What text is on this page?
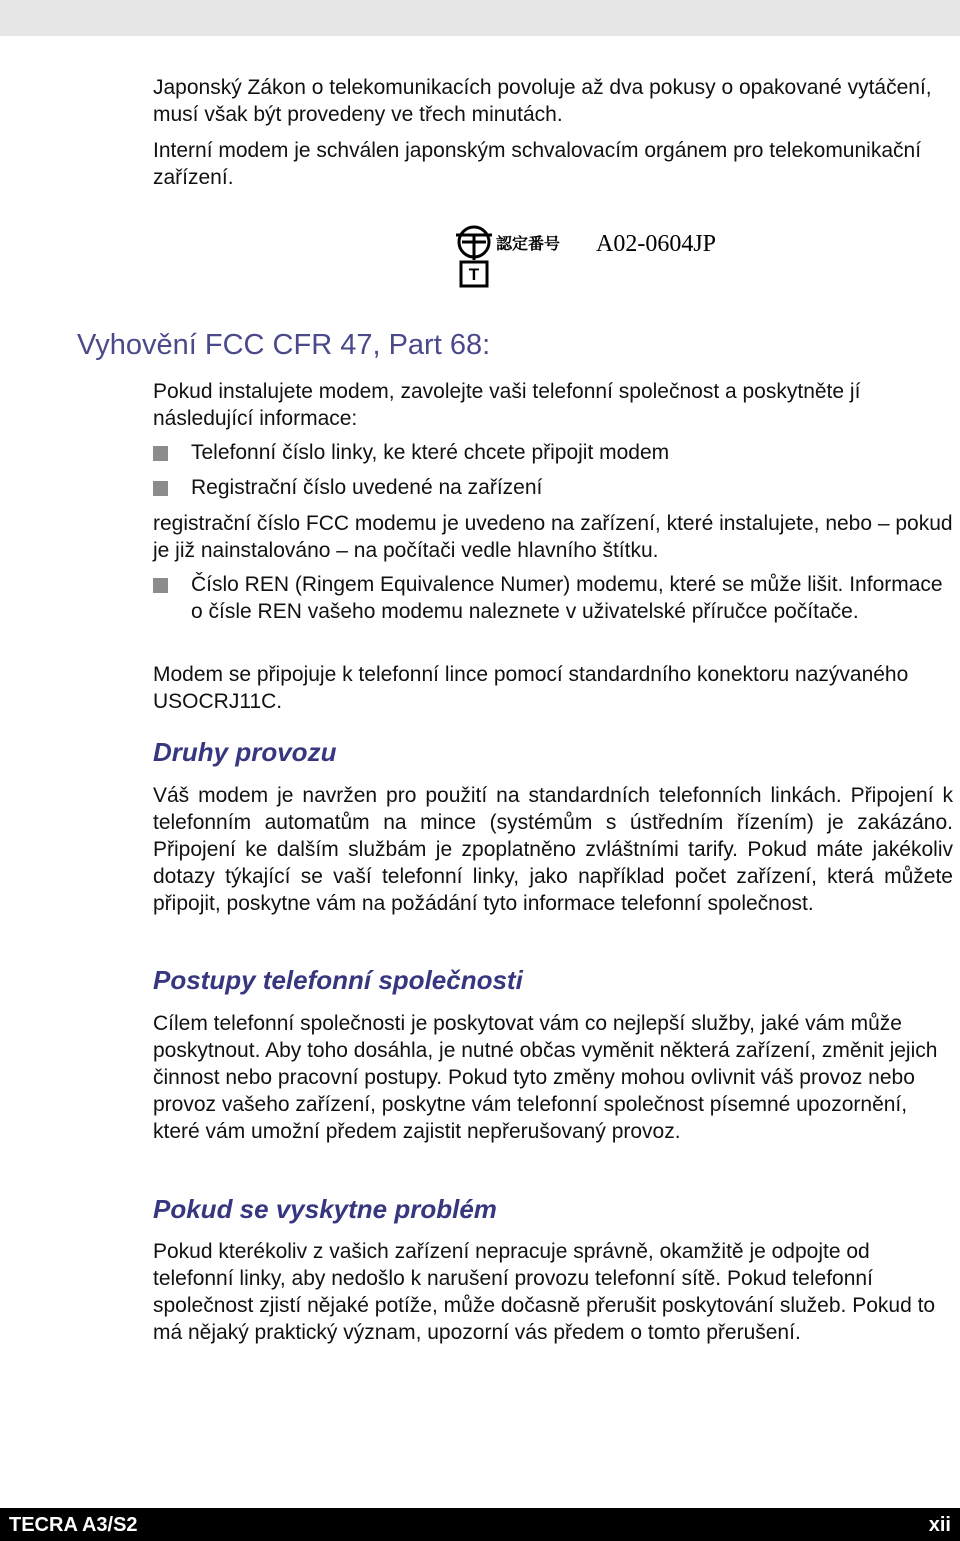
Japonský Zákon o telekomunikacích povoluje až dva pokusy o opakované vytáčení, musí však být provedeny ve třech minutách.

Interní modem je schválen japonským schvalovacím orgánem pro telekomunikační zařízení.

T
認定番号 A02-0604JP
Vyhovění FCC CFR 47, Part 68:

Pokud instalujete modem, zavolejte vaši telefonní společnost a poskytněte jí následující informace:

Telefonní číslo linky, ke které chcete připojit modem
Registrační číslo uvedené na zařízení

registrační číslo FCC modemu je uvedeno na zařízení, které instalujete, nebo – pokud je již nainstalováno – na počítači vedle hlavního štítku.

Číslo REN (Ringem Equivalence Numer) modemu, které se může lišit. Informace o čísle REN vašeho modemu naleznete v uživatelské příručce počítače.

Modem se připojuje k telefonní lince pomocí standardního konektoru nazývaného USOCRJ11C.

Druhy provozu

Váš modem je navržen pro použití na standardních telefonních linkách. Připojení k telefonním automatům na mince (systémům s ústředním řízením) je zakázáno. Připojení ke dalším službám je zpoplatněno zvláštními tarify. Pokud máte jakékoliv dotazy týkající se vaší telefonní linky, jako například počet zařízení, která můžete připojit, poskytne vám na požádání tyto informace telefonní společnost.

Postupy telefonní společnosti

Cílem telefonní společnosti je poskytovat vám co nejlepší služby, jaké vám může poskytnout. Aby toho dosáhla, je nutné občas vyměnit některá zařízení, změnit jejich činnost nebo pracovní postupy. Pokud tyto změny mohou ovlivnit váš provoz nebo provoz vašeho zařízení, poskytne vám telefonní společnost písemné upozornění, které vám umožní předem zajistit nepřerušovaný provoz.

Pokud se vyskytne problém

Pokud kterékoliv z vašich zařízení nepracuje správně, okamžitě je odpojte od telefonní linky, aby nedošlo k narušení provozu telefonní sítě. Pokud telefonní společnost zjistí nějaké potíže, může dočasně přerušit poskytování služeb. Pokud to má nějaký praktický význam, upozorní vás předem o tomto přerušení.

TECRA A3/S2	xii
